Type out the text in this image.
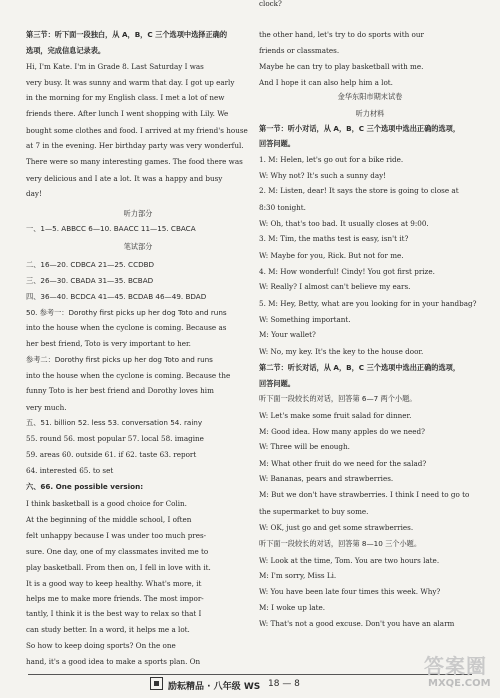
第三节：听下面一段独白，从 A，B，C 三个选项中选择正确的
选项，完成信息记录表。
Hi, I'm Kate. I'm in Grade 8. Last Saturday I was
very busy. It was sunny and warm that day. I got up early
in the morning for my English class. I met a lot of new
friends there. After lunch I went shopping with Lily. We
bought some clothes and food. I arrived at my friend's house
at 7 in the evening. Her birthday party was very wonderful.
There were so many interesting games. The food there was
very delicious and I ate a lot. It was a happy and busy
day!
听力部分
一、1—5. ABBCC 6—10. BAACC 11—15. CBACA
笔试部分
二、16—20. CDBCA 21—25. CCDBD
三、26—30. CBADA 31—35. BCBAD
四、36—40. BCDCA 41—45. BCDAB 46—49. BDAD
50. 参考一：Dorothy first picks up her dog Toto and runs
into the house when the cyclone is coming. Because as
her best friend, Toto is very important to her.
参考二：Dorothy first picks up her dog Toto and runs
into the house when the cyclone is coming. Because the
funny Toto is her best friend and Dorothy loves him
very much.
五、51. billion 52. less 53. conversation 54. rainy
55. round 56. most popular 57. local 58. imagine
59. areas 60. outside 61. if 62. taste 63. report
64. interested 65. to set
六、66. One possible version:
I think basketball is a good choice for Colin.
At the beginning of the middle school, I often
felt unhappy because I was under too much pres-
sure. One day, one of my classmates invited me to
play basketball. From then on, I fell in love with it.
It is a good way to keep healthy. What's more, it
helps me to make more friends. The most impor-
tantly, I think it is the best way to relax so that I
can study better. In a word, it helps me a lot.
So how to keep doing sports? On the one
hand, it's a good idea to make a sports plan. On
the other hand, let's try to do sports with our
friends or classmates.
Maybe he can try to play basketball with me.
And I hope it can also help him a lot.
金华东阳市期末试卷
听力材料
第一节：听小对话，从 A，B，C 三个选项中选出正确的选项，
回答问题。
1. M: Helen, let's go out for a bike ride.
W: Why not? It's such a sunny day!
2. M: Listen, dear! It says the store is going to close at
8:30 tonight.
W: Oh, that's too bad. It usually closes at 9:00.
3. M: Tim, the maths test is easy, isn't it?
W: Maybe for you, Rick. But not for me.
4. M: How wonderful! Cindy! You got first prize.
W: Really? I almost can't believe my ears.
5. M: Hey, Betty, what are you looking for in your handbag?
W: Something important.
M: Your wallet?
W: No, my key. It's the key to the house door.
第二节：听长对话，从 A，B，C 三个选项中选出正确的选项，
回答问题。
听下面一段较长的对话，回答第 6—7 两个小题。
W: Let's make some fruit salad for dinner.
M: Good idea. How many apples do we need?
W: Three will be enough.
M: What other fruit do we need for the salad?
W: Bananas, pears and strawberries.
M: But we don't have strawberries. I think I need to go to
the supermarket to buy some.
W: OK, just go and get some strawberries.
听下面一段较长的对话，回答第 8—10 三个小题。
W: Look at the time, Tom. You are two hours late.
M: I'm sorry, Miss Li.
W: You have been late four times this week. Why?
M: I woke up late.
W: That's not a good excuse. Don't you have an alarm
clock?
励耘精品 · 八年级 WS 18 — 8
答案圈
MXQE.COM
